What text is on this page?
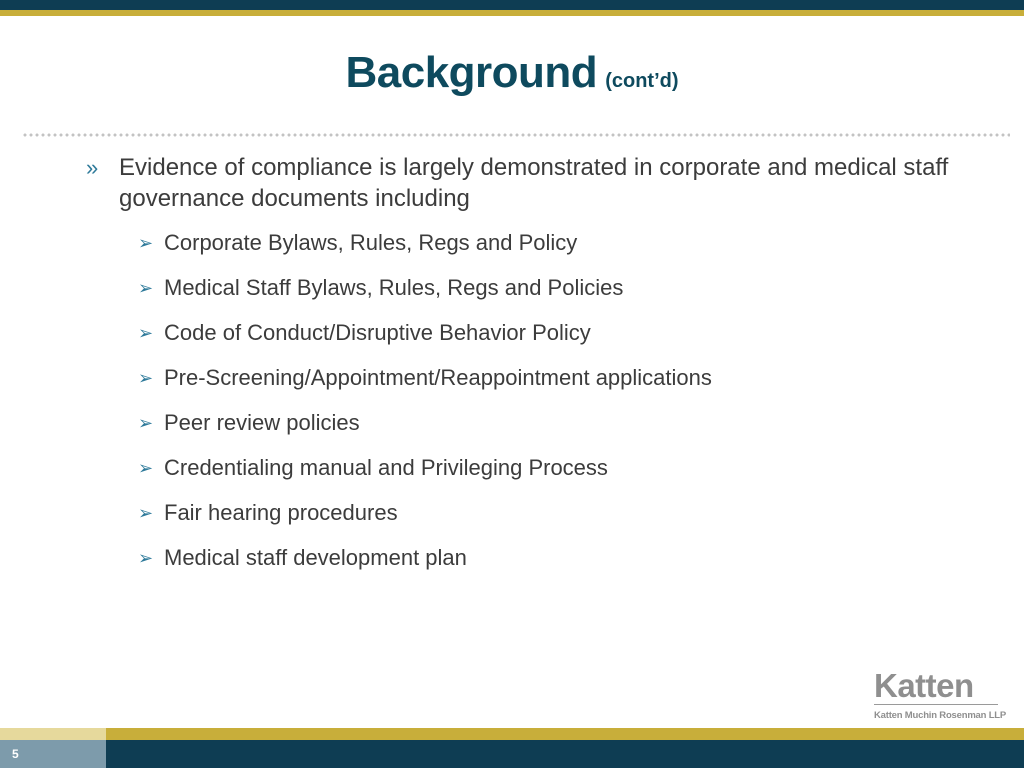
Background (cont’d)
» Evidence of compliance is largely demonstrated in corporate and medical staff governance documents including
➢ Corporate Bylaws, Rules, Regs and Policy
➢ Medical Staff Bylaws, Rules, Regs and Policies
➢ Code of Conduct/Disruptive Behavior Policy
➢ Pre-Screening/Appointment/Reappointment applications
➢ Peer review policies
➢ Credentialing manual and Privileging Process
➢ Fair hearing procedures
➢ Medical staff development plan
Katten
Katten Muchin Rosenman LLP
5
